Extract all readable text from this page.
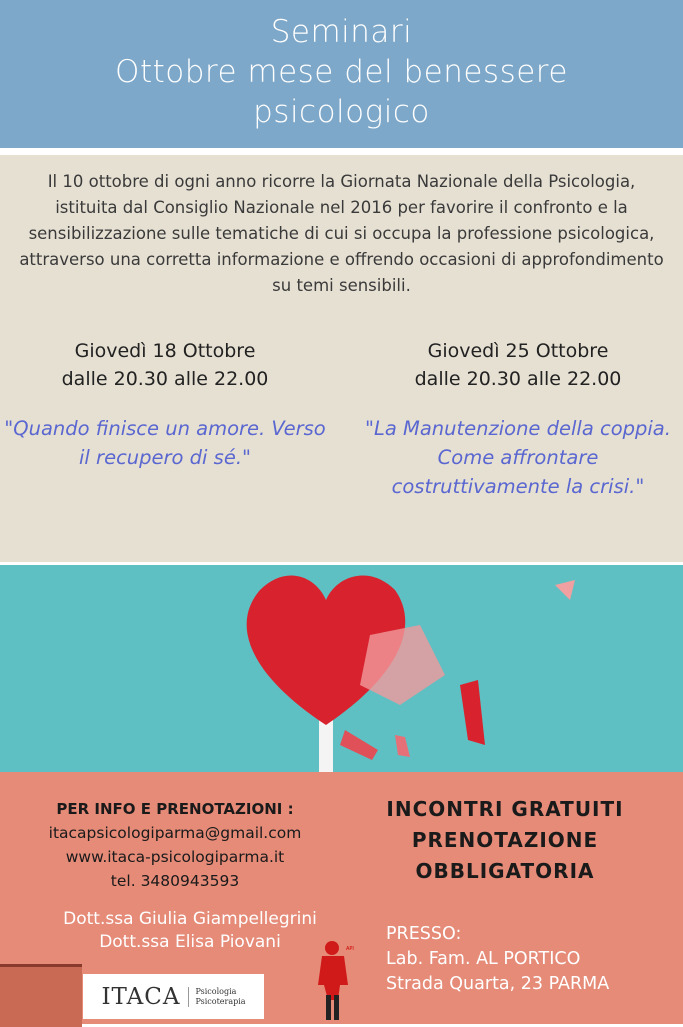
Seminari
Ottobre mese del benessere
psicologico
Il 10 ottobre di ogni anno ricorre la Giornata Nazionale della Psicologia, istituita dal Consiglio Nazionale nel 2016 per favorire il confronto e la sensibilizzazione sulle tematiche di cui si occupa la professione psicologica, attraverso una corretta informazione e offrendo occasioni di approfondimento su temi sensibili.
Giovedì 18 Ottobre
dalle 20.30 alle 22.00
"Quando finisce un amore. Verso il recupero di sé."
Giovedì 25 Ottobre
dalle 20.30 alle 22.00
"La Manutenzione della coppia. Come affrontare costruttivamente la crisi."
PER INFO E PRENOTAZIONI :
itacapsicologiparma@gmail.com
www.itaca-psicologiparma.it
tel. 3480943593
INCONTRI GRATUITI
PRENOTAZIONE
OBBLIGATORIA
Dott.ssa Giulia Giampellegrini
Dott.ssa Elisa Piovani
ITACA	Psicologia
Psicoterapia
API
PRESSO:
Lab. Fam. AL PORTICO
Strada Quarta, 23 PARMA
